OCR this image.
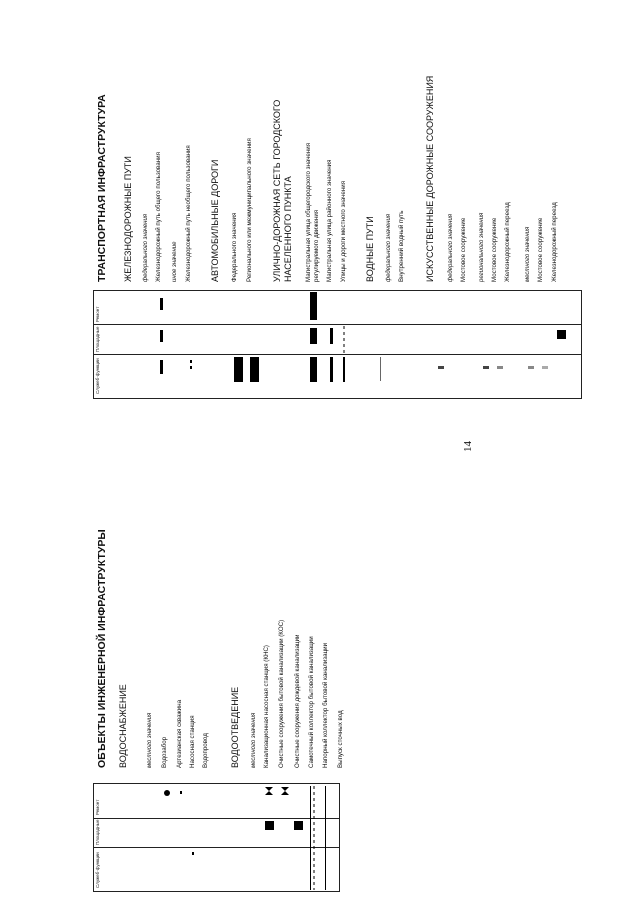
14
Служеб-функции
Площадные
Ремонт
ОБЪЕКТЫ ИНЖЕНЕРНОЙ ИНФРАСТРУКТУРЫ ВОДОСНАБЖЕНИЕ	местного значения Водозабор Артезианская скважина Насосная станция Водопровод ВОДООТВЕДЕНИЕ местного значения Канализационная насосная станция (КНС) Очистные сооружения бытовой канализации (КОС) Очистные сооружения дождевой канализации Самотечный коллектор бытовой канализации Напорный коллектор бытовой канализации Выпуск сточных вод
Служеб-функции
Площадные
Ремонт
ТРАНСПОРТНАЯ ИНФРАСТРУКТУРА ЖЕЛЕЗНОДОРОЖНЫЕ ПУТИ федерального значения Железнодорожный путь общего пользования иное значение Железнодорожный путь необщего пользования АВТОМОБИЛЬНЫЕ ДОРОГИ Федерального значения Регионального или межмуниципального значения УЛИЧНО-ДОРОЖНАЯ СЕТЬ ГОРОДСКОГО НАСЕЛЕННОГО ПУНКТА Магистральная улица общегородского значения регулируемого движения Магистральная улица районного значения Улицы и дороги местного значения ВОДНЫЕ ПУТИ федерального значения Внутренний водный путь ИСКУССТВЕННЫЕ ДОРОЖНЫЕ СООРУЖЕНИЯ федерального значения Мостовое сооружение регионального значения Мостовое сооружение Железнодорожный переезд местного значения Мостовое сооружение Железнодорожный переезд
